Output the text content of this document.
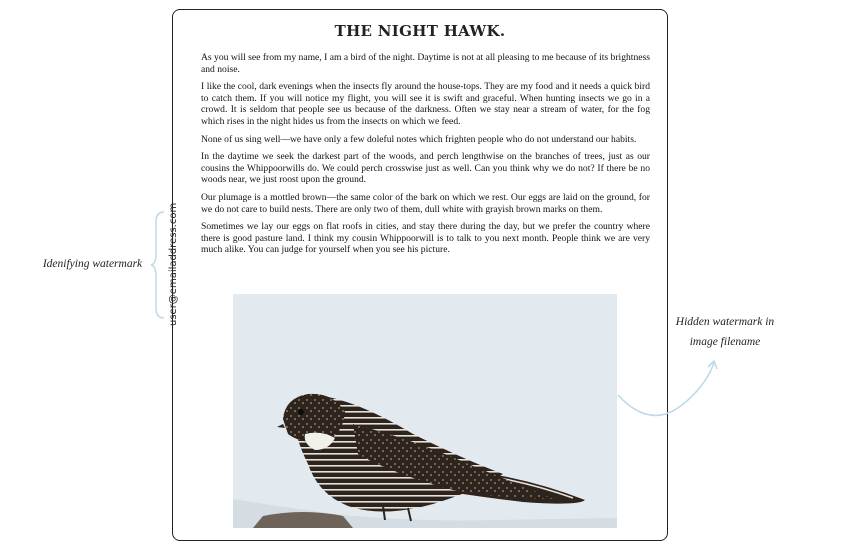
THE NIGHT HAWK.

As you will see from my name, I am a bird of the night. Daytime is not at all pleasing to me because of its brightness and noise.

I like the cool, dark evenings when the insects fly around the house-tops. They are my food and it needs a quick bird to catch them. If you will notice my flight, you will see it is swift and graceful. When hunting insects we go in a crowd. It is seldom that people see us because of the darkness. Often we stay near a stream of water, for the fog which rises in the night hides us from the insects on which we feed.

None of us sing well—we have only a few doleful notes which frighten people who do not understand our habits.

In the daytime we seek the darkest part of the woods, and perch lengthwise on the branches of trees, just as our cousins the Whippoorwills do. We could perch crosswise just as well. Can you think why we do not? If there be no woods near, we just roost upon the ground.

Our plumage is a mottled brown—the same color of the bark on which we rest. Our eggs are laid on the ground, for we do not care to build nests. There are only two of them, dull white with grayish brown marks on them.

Sometimes we lay our eggs on flat roofs in cities, and stay there during the day, but we prefer the country where there is good pasture land. I think my cousin Whippoorwill is to talk to you next month. People think we are very much alike. You can judge for yourself when you see his picture.

user@emailaddress.com
Idenifying watermark
Hidden watermark in
image filename
